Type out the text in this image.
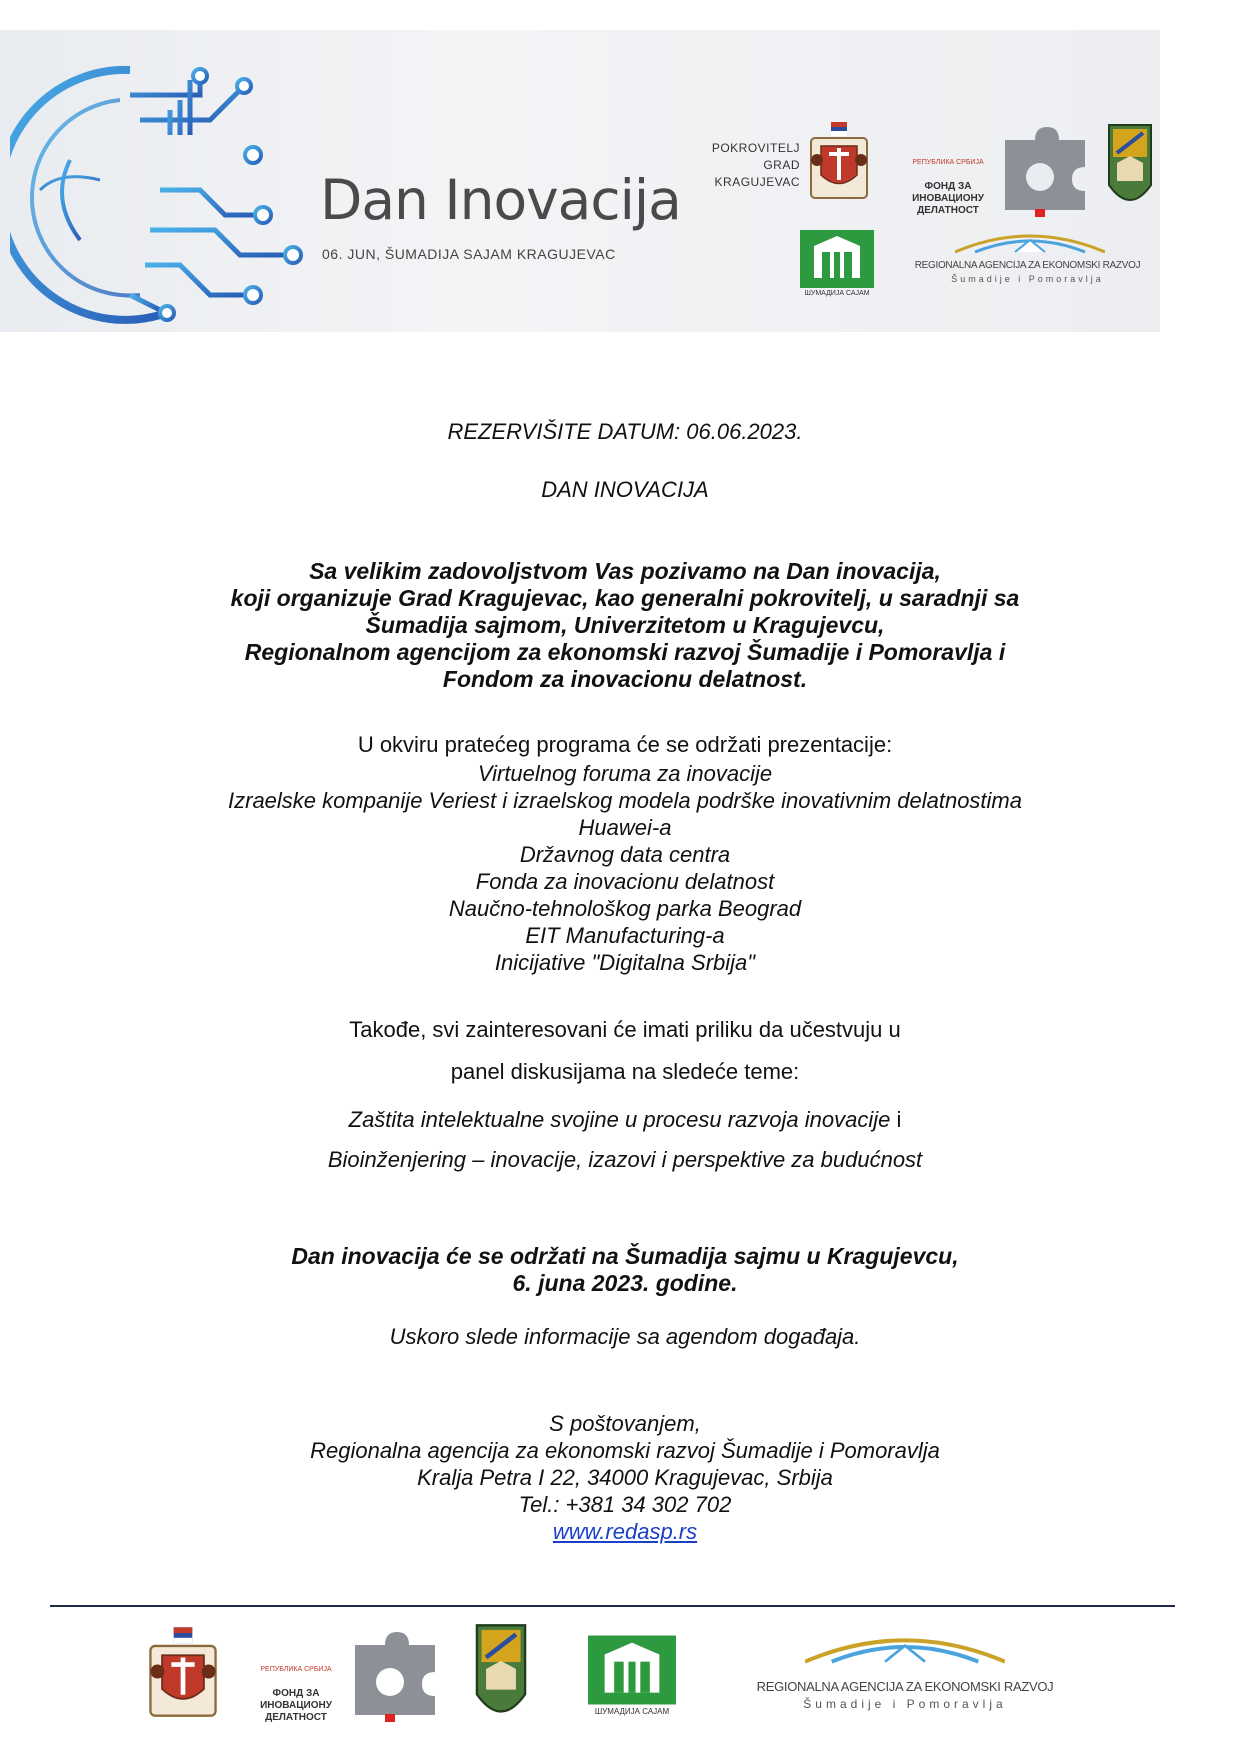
Dan Inovacija
06. JUN, ŠUMADIJA SAJAM KRAGUJEVAC
POKROVITELJ
GRAD
KRAGUJEVAC

РЕПУБЛИКА СРБИЈА

ФОНД ЗА
ИНОВАЦИОНУ
ДЕЛАТНОСТ

ШУМАДИЈА САЈАМ
REGIONALNA AGENCIJA ZA EKONOMSKI RAZVOJ
Šumadije i Pomoravlja
REZERVIŠITE DATUM: 06.06.2023.
DAN INOVACIJA
Sa velikim zadovoljstvom Vas pozivamo na Dan inovacija,
koji organizuje Grad Kragujevac, kao generalni pokrovitelj, u saradnji sa
Šumadija sajmom, Univerzitetom u Kragujevcu,
Regionalnom agencijom za ekonomski razvoj Šumadije i Pomoravlja i
Fondom za inovacionu delatnost.
U okviru pratećeg programa će se održati prezentacije:
Virtuelnog foruma za inovacije
Izraelske kompanije Veriest i izraelskog modela podrške inovativnim delatnostima
Huawei-a
Državnog data centra
Fonda za inovacionu delatnost
Naučno-tehnološkog parka Beograd
EIT Manufacturing-a
Inicijative "Digitalna Srbija"
Takođe, svi zainteresovani će imati priliku da učestvuju u
panel diskusijama na sledeće teme:
Zaštita intelektualne svojine u procesu razvoja inovacije i
Bioinženjering – inovacije, izazovi i perspektive za budućnost
Dan inovacija će se održati na Šumadija sajmu u Kragujevcu,
6. juna 2023. godine.
Uskoro slede informacije sa agendom događaja.
S poštovanjem,
Regionalna agencija za ekonomski razvoj Šumadije i Pomoravlja
Kralja Petra I 22, 34000 Kragujevac, Srbija
Tel.: +381 34 302 702
www.redasp.rs

РЕПУБЛИКА СРБИЈА

ФОНД ЗА
ИНОВАЦИОНУ
ДЕЛАТНОСТ

ШУМАДИЈА САЈАМ
REGIONALNA AGENCIJA ZA EKONOMSKI RAZVOJ
Šumadije i Pomoravlja
